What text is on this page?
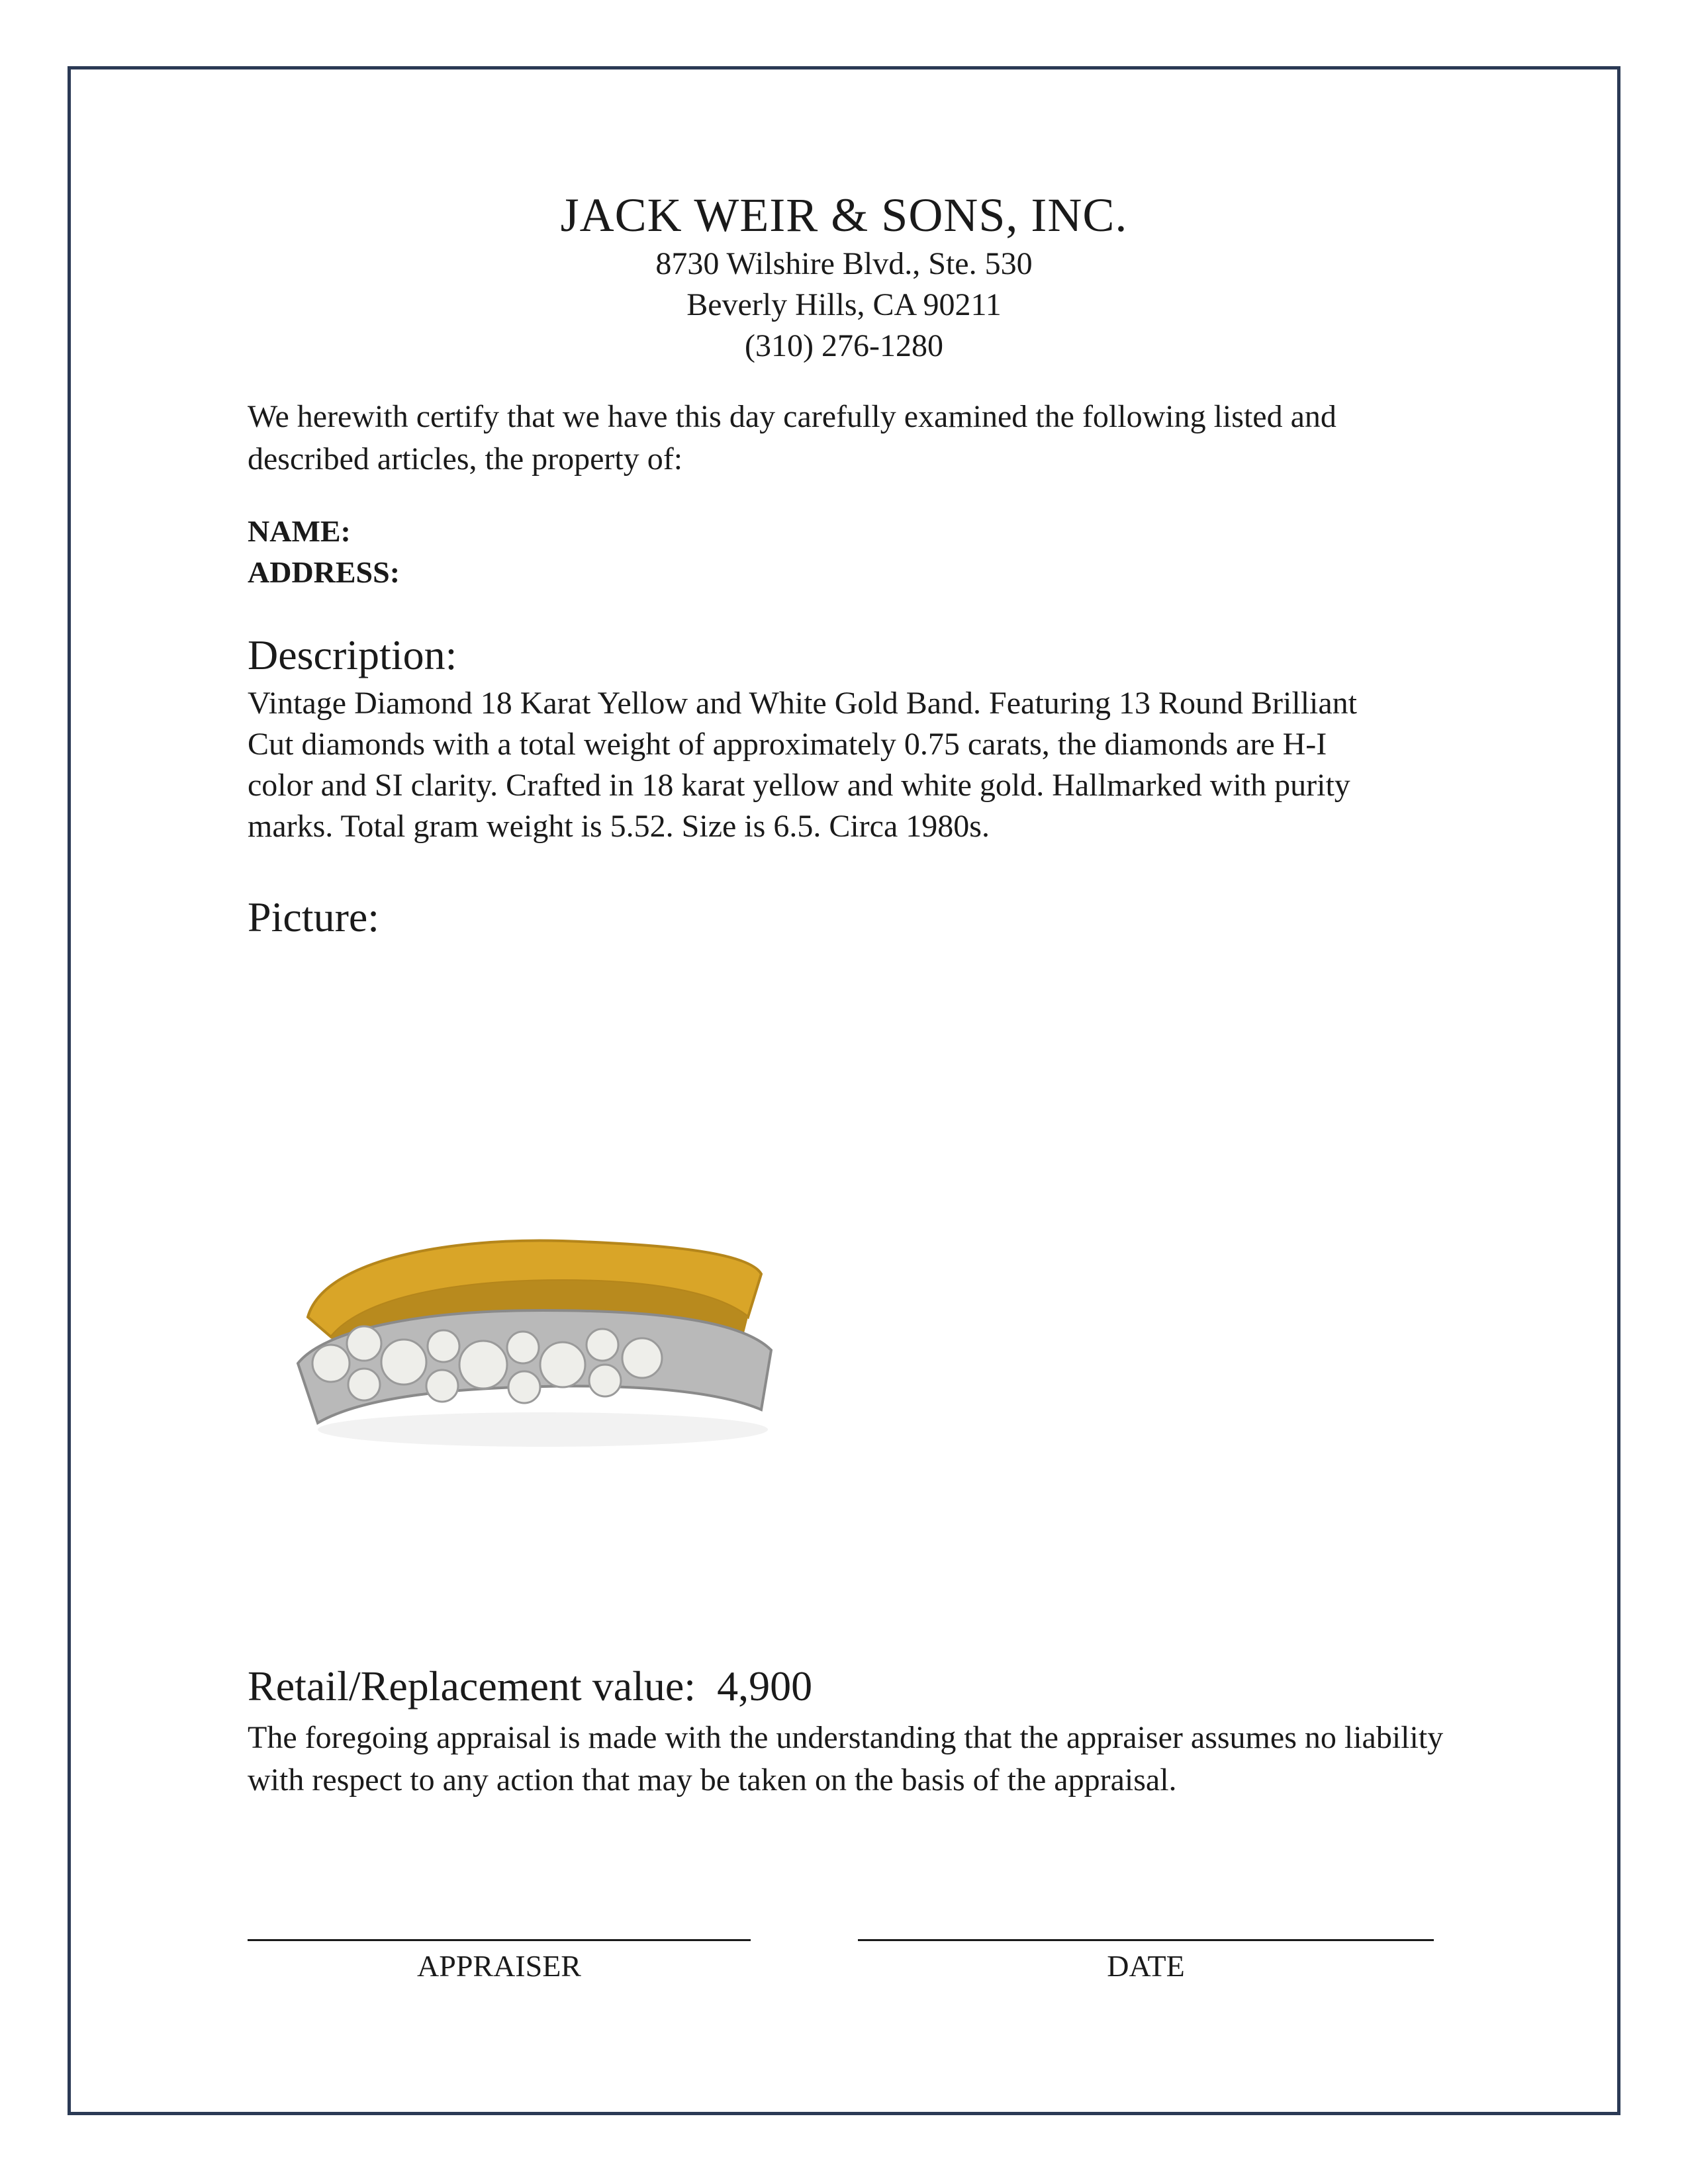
JACK WEIR & SONS, INC.
8730 Wilshire Blvd., Ste. 530
Beverly Hills, CA 90211
(310) 276-1280
We herewith certify that we have this day carefully examined the following listed and described articles, the property of:
NAME:
ADDRESS:
Description:
Vintage Diamond 18 Karat Yellow and White Gold Band. Featuring 13 Round Brilliant Cut diamonds with a total weight of approximately 0.75 carats, the diamonds are H-I color and SI clarity. Crafted in 18 karat yellow and white gold. Hallmarked with purity marks. Total gram weight is 5.52. Size is 6.5. Circa 1980s.
Picture:
Retail/Replacement value: 4,900
The foregoing appraisal is made with the understanding that the appraiser assumes no liability with respect to any action that may be taken on the basis of the appraisal.
APPRAISER	DATE
